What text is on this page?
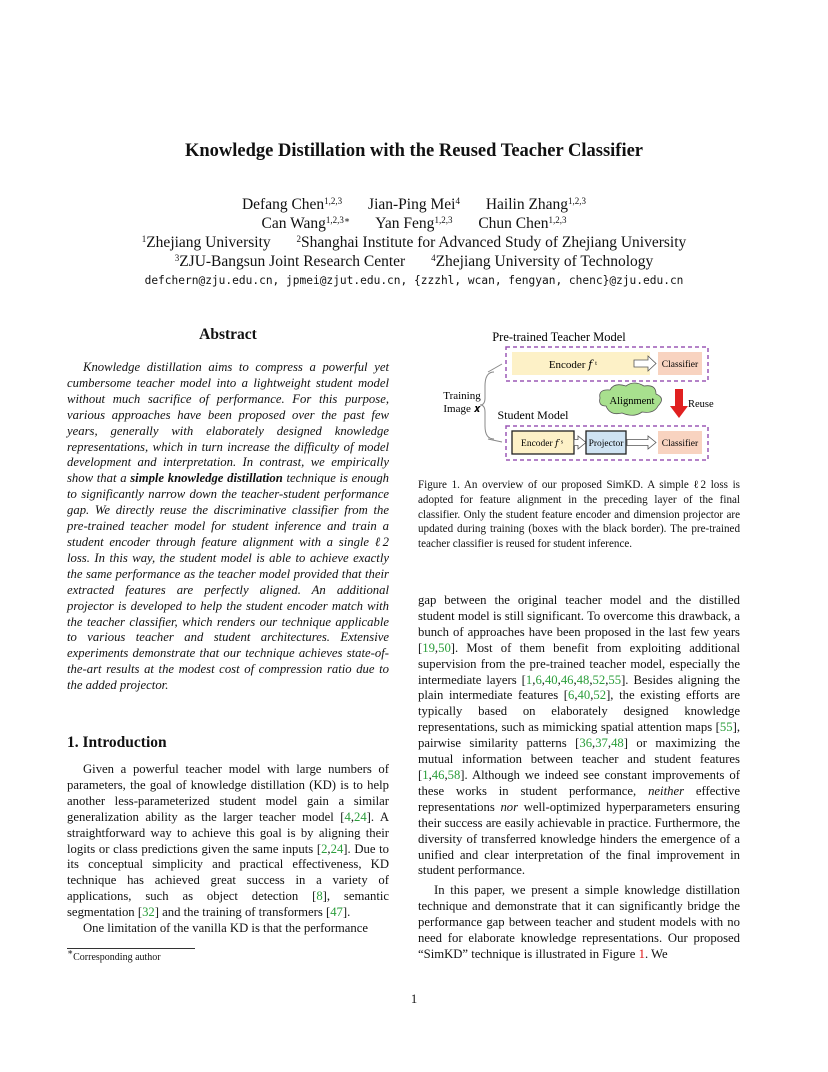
Knowledge Distillation with the Reused Teacher Classifier
Defang Chen$^{1,2,3}$ Jian-Ping Mei$^4$ Hailin Zhang$^{1,2,3}$
Can Wang$^{1,2,3∗}$ Yan Feng$^{1,2,3}$ Chun Chen$^{1,2,3}$
$^1$Zhejiang University	$^2$Shanghai Institute for Advanced Study of Zhejiang University
$^3$ZJU-Bangsun Joint Research Center	$^4$Zhejiang University of Technology
defchern@zju.edu.cn, jpmei@zjut.edu.cn, {zzzhl, wcan, fengyan, chenc}@zju.edu.cn
Abstract

Knowledge distillation aims to compress a powerful yet cumbersome teacher model into a lightweight student model without much sacrifice of performance. For this purpose, various approaches have been proposed over the past few years, generally with elaborately designed knowledge representations, which in turn increase the difficulty of model development and interpretation. In contrast, we empirically show that a simple knowledge distillation technique is enough to significantly narrow down the teacher-student performance gap. We directly reuse the discriminative classifier from the pre-trained teacher model for student inference and train a student encoder through feature alignment with a single ℓ2 loss. In this way, the student model is able to achieve exactly the same performance as the teacher model provided that their extracted features are perfectly aligned. An additional projector is developed to help the student encoder match with the teacher classifier, which renders our technique applicable to various teacher and student architectures. Extensive experiments demonstrate that our technique achieves state-of-the-art results at the modest cost of compression ratio due to the added projector.

1. Introduction

Given a powerful teacher model with large numbers of parameters, the goal of knowledge distillation (KD) is to help another less-parameterized student model gain a similar generalization ability as the larger teacher model [4,24]. A straightforward way to achieve this goal is by aligning their logits or class predictions given the same inputs [2,24]. Due to its conceptual simplicity and practical effectiveness, KD technique has achieved great success in a variety of applications, such as object detection [8], semantic segmentation [32] and the training of transformers [47].

One limitation of the vanilla KD is that the performance

Pre-trained Teacher Model
Encoder 𝑓 ᵗ	Classifier
Training
Image 𝒙 Student Model
Alignment	Reuse
Encoder 𝑓 ˢ	Projector	Classifier
Figure 1. An overview of our proposed SimKD. A simple ℓ2 loss is adopted for feature alignment in the preceding layer of the final classifier. Only the student feature encoder and dimension projector are updated during training (boxes with the black border). The pre-trained teacher classifier is reused for student inference.

gap between the original teacher model and the distilled student model is still significant. To overcome this drawback, a bunch of approaches have been proposed in the last few years [19,50]. Most of them benefit from exploiting additional supervision from the pre-trained teacher model, especially the intermediate layers [1,6,40,46,48,52,55]. Besides aligning the plain intermediate features [6,40,52], the existing efforts are typically based on elaborately designed knowledge representations, such as mimicking spatial attention maps [55], pairwise similarity patterns [36,37,48] or maximizing the mutual information between teacher and student features [1,46,58]. Although we indeed see constant improvements of these works in student performance, neither effective representations nor well-optimized hyperparameters ensuring their success are easily achievable in practice. Furthermore, the diversity of transferred knowledge hinders the emergence of a unified and clear interpretation of the final improvement in student performance.

In this paper, we present a simple knowledge distillation technique and demonstrate that it can significantly bridge the performance gap between teacher and student models with no need for elaborate knowledge representations. Our proposed “SimKD” technique is illustrated in Figure 1. We

∗Corresponding author
1
